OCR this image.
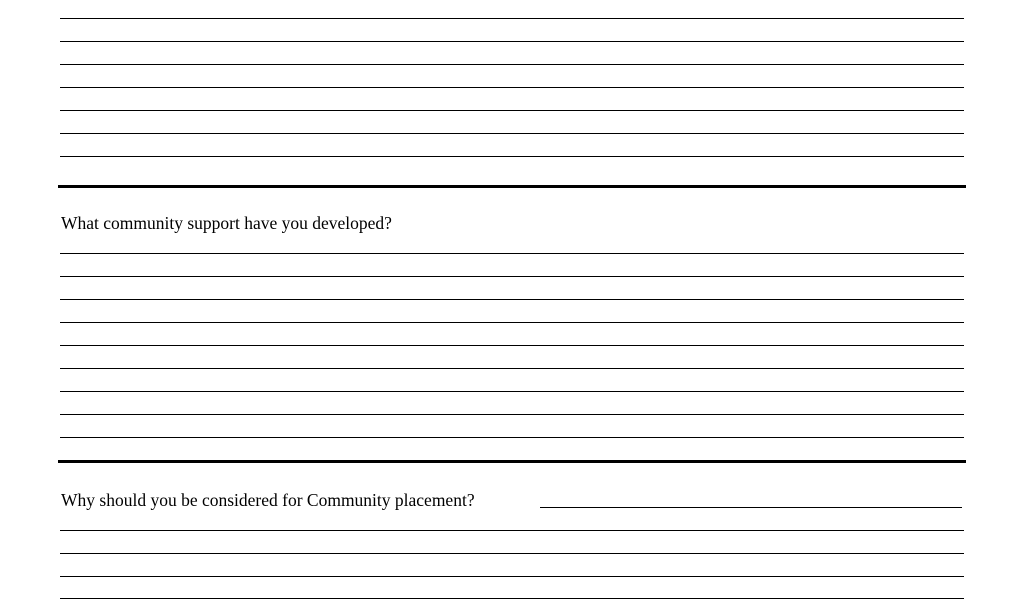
What community support have you developed?
Why should you be considered for Community placement?
